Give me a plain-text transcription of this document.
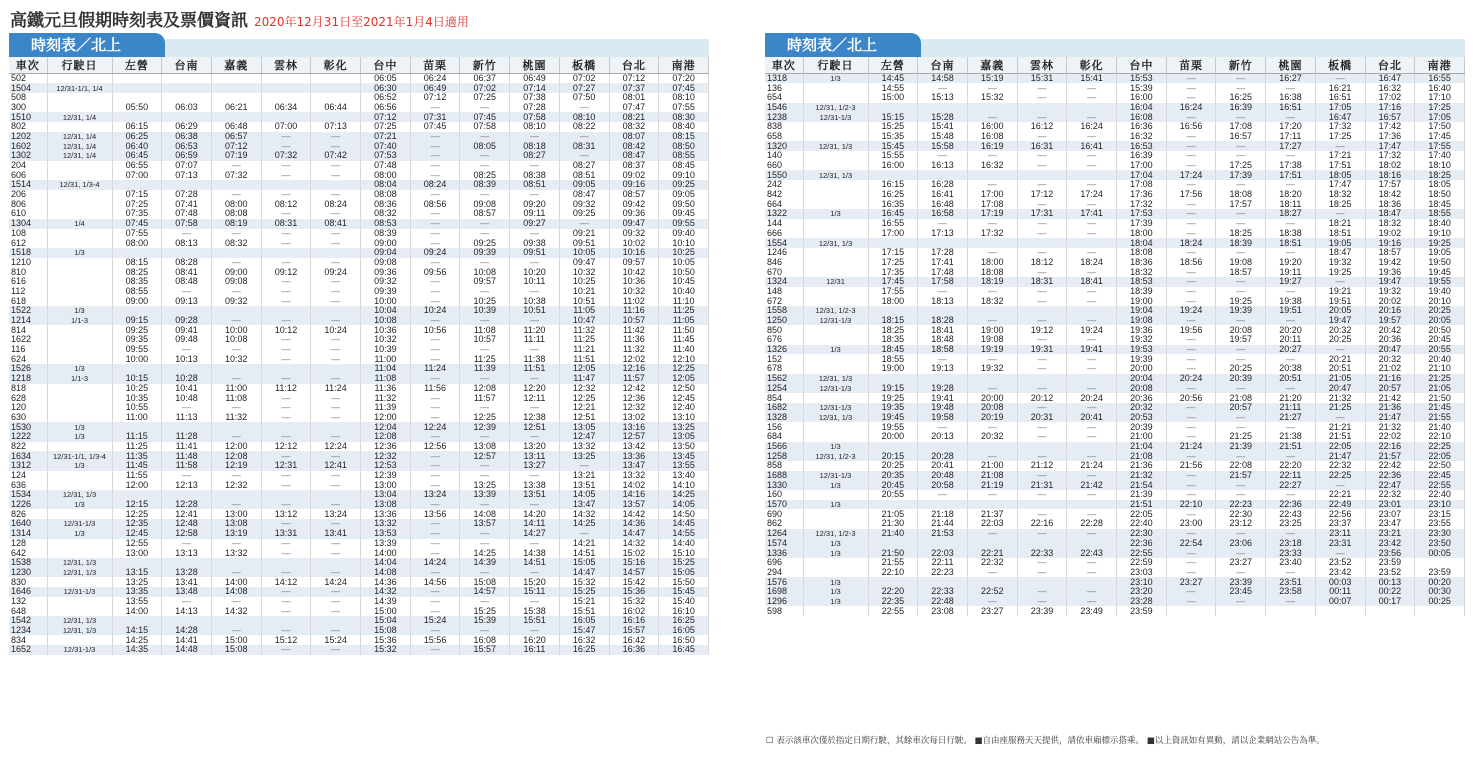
高鐵元旦假期時刻表及票價資訊 2020年12月31日至2021年1月4日適用
時刻表／北上
車次	行駛日	左營	台南	嘉義	雲林	彰化	台中	苗栗	新竹	桃園	板橋	台北	南港
502							06:05	06:24	06:37	06:49	07:02	07:12	07:20
1504	12/31-1/1, 1/4						06:30	06:49	07:02	07:14	07:27	07:37	07:45
508							06:52	07:12	07:25	07:38	07:50	08:01	08:10
300		05:50	06:03	06:21	06:34	06:44	06:56	—	—	07:28	—	07:47	07:55
1510	12/31, 1/4						07:12	07:31	07:45	07:58	08:10	08:21	08:30
802		06:15	06:29	06:48	07:00	07:13	07:25	07:45	07:58	08:10	08:22	08:32	08:40
1202	12/31, 1/4	06:25	06:38	06:57	—	—	07:21	—	—	—	—	08:07	08:15
1602	12/31, 1/4	06:40	06:53	07:12	—	—	07:40	—	08:05	08:18	08:31	08:42	08:50
1302	12/31, 1/4	06:45	06:59	07:19	07:32	07:42	07:53	—	—	08:27	—	08:47	08:55
204		06:55	07:07	—	—	—	07:48	—	—	—	08:27	08:37	08:45
606		07:00	07:13	07:32	—	—	08:00	—	08:25	08:38	08:51	09:02	09:10
1514	12/31, 1/3-4						08:04	08:24	08:39	08:51	09:05	09:16	09:25
206		07:15	07:28	—	—	—	08:08	—	—	—	08:47	08:57	09:05
806		07:25	07:41	08:00	08:12	08:24	08:36	08:56	09:08	09:20	09:32	09:42	09:50
610		07:35	07:48	08:08	—	—	08:32	—	08:57	09:11	09:25	09:36	09:45
1304	1/4	07:45	07:58	08:19	08:31	08:41	08:53	—	—	09:27	—	09:47	09:55
108		07:55	—	—	—	—	08:39	—	—	—	09:21	09:32	09:40
612		08:00	08:13	08:32	—	—	09:00	—	09:25	09:38	09:51	10:02	10:10
1518	1/3						09:04	09:24	09:39	09:51	10:05	10:16	10:25
1210		08:15	08:28	—	—	—	09:08	—	—	—	09:47	09:57	10:05
810		08:25	08:41	09:00	09:12	09:24	09:36	09:56	10:08	10:20	10:32	10:42	10:50
616		08:35	08:48	09:08	—	—	09:32	—	09:57	10:11	10:25	10:36	10:45
112		08:55	—	—	—	—	09:39	—	—	—	10:21	10:32	10:40
618		09:00	09:13	09:32	—	—	10:00	—	10:25	10:38	10:51	11:02	11:10
1522	1/3						10:04	10:24	10:39	10:51	11:05	11:16	11:25
1214	1/1-3	09:15	09:28	—	—	—	10:08	—	—	—	10:47	10:57	11:05
814		09:25	09:41	10:00	10:12	10:24	10:36	10:56	11:08	11:20	11:32	11:42	11:50
1622		09:35	09:48	10:08	—	—	10:32	—	10:57	11:11	11:25	11:36	11:45
116		09:55	—	—	—	—	10:39	—	—	—	11:21	11:32	11:40
624		10:00	10:13	10:32	—	—	11:00	—	11:25	11:38	11:51	12:02	12:10
1526	1/3						11:04	11:24	11:39	11:51	12:05	12:16	12:25
1218	1/1-3	10:15	10:28	—	—	—	11:08	—	—	—	11:47	11:57	12:05
818		10:25	10:41	11:00	11:12	11:24	11:36	11:56	12:08	12:20	12:32	12:42	12:50
628		10:35	10:48	11:08	—	—	11:32	—	11:57	12:11	12:25	12:36	12:45
120		10:55	—	—	—	—	11:39	—	—	—	12:21	12:32	12:40
630		11:00	11:13	11:32	—	—	12:00	—	12:25	12:38	12:51	13:02	13:10
1530	1/3						12:04	12:24	12:39	12:51	13:05	13:16	13:25
1222	1/3	11:15	11:28	—	—	—	12:08	—	—	—	12:47	12:57	13:05
822		11:25	11:41	12:00	12:12	12:24	12:36	12:56	13:08	13:20	13:32	13:42	13:50
1634	12/31-1/1, 1/3-4	11:35	11:48	12:08	—	—	12:32	—	12:57	13:11	13:25	13:36	13:45
1312	1/3	11:45	11:58	12:19	12:31	12:41	12:53	—	—	13:27	—	13:47	13:55
124		11:55	—	—	—	—	12:39	—	—	—	13:21	13:32	13:40
636		12:00	12:13	12:32	—	—	13:00	—	13:25	13:38	13:51	14:02	14:10
1534	12/31, 1/3						13:04	13:24	13:39	13:51	14:05	14:16	14:25
1226	1/3	12:15	12:28	—	—	—	13:08	—	—	—	13:47	13:57	14:05
826		12:25	12:41	13:00	13:12	13:24	13:36	13:56	14:08	14:20	14:32	14:42	14:50
1640	12/31-1/3	12:35	12:48	13:08	—	—	13:32	—	13:57	14:11	14:25	14:36	14:45
1314	1/3	12:45	12:58	13:19	13:31	13:41	13:53	—	—	14:27	—	14:47	14:55
128		12:55	—	—	—	—	13:39	—	—	—	14:21	14:32	14:40
642		13:00	13:13	13:32	—	—	14:00	—	14:25	14:38	14:51	15:02	15:10
1538	12/31, 1/3						14:04	14:24	14:39	14:51	15:05	15:16	15:25
1230	12/31, 1/3	13:15	13:28	—	—	—	14:08	—	—	—	14:47	14:57	15:05
830		13:25	13:41	14:00	14:12	14:24	14:36	14:56	15:08	15:20	15:32	15:42	15:50
1646	12/31-1/3	13:35	13:48	14:08	—	—	14:32	—	14:57	15:11	15:25	15:36	15:45
132		13:55	—	—	—	—	14:39	—	—	—	15:21	15:32	15:40
648		14:00	14:13	14:32	—	—	15:00	—	15:25	15:38	15:51	16:02	16:10
1542	12/31, 1/3						15:04	15:24	15:39	15:51	16:05	16:16	16:25
1234	12/31, 1/3	14:15	14:28	—	—	—	15:08	—	—	—	15:47	15:57	16:05
834		14:25	14:41	15:00	15:12	15:24	15:36	15:56	16:08	16:20	16:32	16:42	16:50
1652	12/31-1/3	14:35	14:48	15:08	—	—	15:32	—	15:57	16:11	16:25	16:36	16:45
時刻表／北上
車次	行駛日	左營	台南	嘉義	雲林	彰化	台中	苗栗	新竹	桃園	板橋	台北	南港
1318	1/3	14:45	14:58	15:19	15:31	15:41	15:53	—	—	16:27	—	16:47	16:55
136		14:55	—	—	—	—	15:39	—	—	—	16:21	16:32	16:40
654		15:00	15:13	15:32	—	—	16:00	—	16:25	16:38	16:51	17:02	17:10
1546	12/31, 1/2-3						16:04	16:24	16:39	16:51	17:05	17:16	17:25
1238	12/31-1/3	15:15	15:28	—	—	—	16:08	—	—	—	16:47	16:57	17:05
838		15:25	15:41	16:00	16:12	16:24	16:36	16:56	17:08	17:20	17:32	17:42	17:50
658		15:35	15:48	16:08	—	—	16:32	—	16:57	17:11	17:25	17:36	17:45
1320	12/31, 1/3	15:45	15:58	16:19	16:31	16:41	16:53	—	—	17:27	—	17:47	17:55
140		15:55	—	—	—	—	16:39	—	—	—	17:21	17:32	17:40
660		16:00	16:13	16:32	—	—	17:00	—	17:25	17:38	17:51	18:02	18:10
1550	12/31, 1/3						17:04	17:24	17:39	17:51	18:05	18:16	18:25
242		16:15	16:28	—	—	—	17:08	—	—	—	17:47	17:57	18:05
842		16:25	16:41	17:00	17:12	17:24	17:36	17:56	18:08	18:20	18:32	18:42	18:50
664		16:35	16:48	17:08	—	—	17:32	—	17:57	18:11	18:25	18:36	18:45
1322	1/3	16:45	16:58	17:19	17:31	17:41	17:53	—	—	18:27	—	18:47	18:55
144		16:55	—	—	—	—	17:39	—	—	—	18:21	18:32	18:40
666		17:00	17:13	17:32	—	—	18:00	—	18:25	18:38	18:51	19:02	19:10
1554	12/31, 1/3						18:04	18:24	18:39	18:51	19:05	19:16	19:25
1246		17:15	17:28	—	—	—	18:08	—	—	—	18:47	18:57	19:05
846		17:25	17:41	18:00	18:12	18:24	18:36	18:56	19:08	19:20	19:32	19:42	19:50
670		17:35	17:48	18:08	—	—	18:32	—	18:57	19:11	19:25	19:36	19:45
1324	12/31	17:45	17:58	18:19	18:31	18:41	18:53	—	—	19:27	—	19:47	19:55
148		17:55	—	—	—	—	18:39	—	—	—	19:21	19:32	19:40
672		18:00	18:13	18:32	—	—	19:00	—	19:25	19:38	19:51	20:02	20:10
1558	12/31, 1/2-3						19:04	19:24	19:39	19:51	20:05	20:16	20:25
1250	12/31-1/3	18:15	18:28	—	—	—	19:08	—	—	—	19:47	19:57	20:05
850		18:25	18:41	19:00	19:12	19:24	19:36	19:56	20:08	20:20	20:32	20:42	20:50
676		18:35	18:48	19:08	—	—	19:32	—	19:57	20:11	20:25	20:36	20:45
1326	1/3	18:45	18:58	19:19	19:31	19:41	19:53	—	—	20:27	—	20:47	20:55
152		18:55	—	—	—	—	19:39	—	—	—	20:21	20:32	20:40
678		19:00	19:13	19:32	—	—	20:00	—	20:25	20:38	20:51	21:02	21:10
1562	12/31, 1/3						20:04	20:24	20:39	20:51	21:05	21:16	21:25
1254	12/31-1/3	19:15	19:28	—	—	—	20:08	—	—	—	20:47	20:57	21:05
854		19:25	19:41	20:00	20:12	20:24	20:36	20:56	21:08	21:20	21:32	21:42	21:50
1682	12/31-1/3	19:35	19:48	20:08	—	—	20:32	—	20:57	21:11	21:25	21:36	21:45
1328	12/31, 1/3	19:45	19:58	20:19	20:31	20:41	20:53	—	—	21:27	—	21:47	21:55
156		19:55	—	—	—	—	20:39	—	—	—	21:21	21:32	21:40
684		20:00	20:13	20:32	—	—	21:00	—	21:25	21:38	21:51	22:02	22:10
1566	1/3						21:04	21:24	21:39	21:51	22:05	22:16	22:25
1258	12/31, 1/2-3	20:15	20:28	—	—	—	21:08	—	—	—	21:47	21:57	22:05
858		20:25	20:41	21:00	21:12	21:24	21:36	21:56	22:08	22:20	22:32	22:42	22:50
1688	12/31-1/3	20:35	20:48	21:08	—	—	21:32	—	21:57	22:11	22:25	22:36	22:45
1330	1/3	20:45	20:58	21:19	21:31	21:42	21:54	—	—	22:27	—	22:47	22:55
160		20:55	—	—	—	—	21:39	—	—	—	22:21	22:32	22:40
1570	1/3						21:51	22:10	22:23	22:36	22:49	23:01	23:10
690		21:05	21:18	21:37	—	—	22:05	—	22:30	22:43	22:56	23:07	23:15
862		21:30	21:44	22:03	22:16	22:28	22:40	23:00	23:12	23:25	23:37	23:47	23:55
1264	12/31, 1/2-3	21:40	21:53	—	—	—	22:30	—	—	—	23:11	23:21	23:30
1574	1/3						22:36	22:54	23:06	23:18	23:31	23:42	23:50
1336	1/3	21:50	22:03	22:21	22:33	22:43	22:55	—	—	23:33	—	23:56	00:05
696		21:55	22:11	22:32	—	—	22:59	—	23:27	23:40	23:52	23:59	
294		22:10	22:23	—	—	—	23:03	—	—	—	23:42	23:52	23:59
1576	1/3						23:10	23:27	23:39	23:51	00:03	00:13	00:20
1698	1/3	22:20	22:33	22:52	—	—	23:20	—	23:45	23:58	00:11	00:22	00:30
1296	1/3	22:35	22:48	—	—	—	23:28	—	—	—	00:07	00:17	00:25
598		22:55	23:08	23:27	23:39	23:49	23:59						
☐ 表示該車次僅於指定日期行駛，其餘車次每日行駛。 ■自由座服務天天提供，請依車廂標示搭乘。 ■以上資訊如有異動，請以企業網站公告為準。
